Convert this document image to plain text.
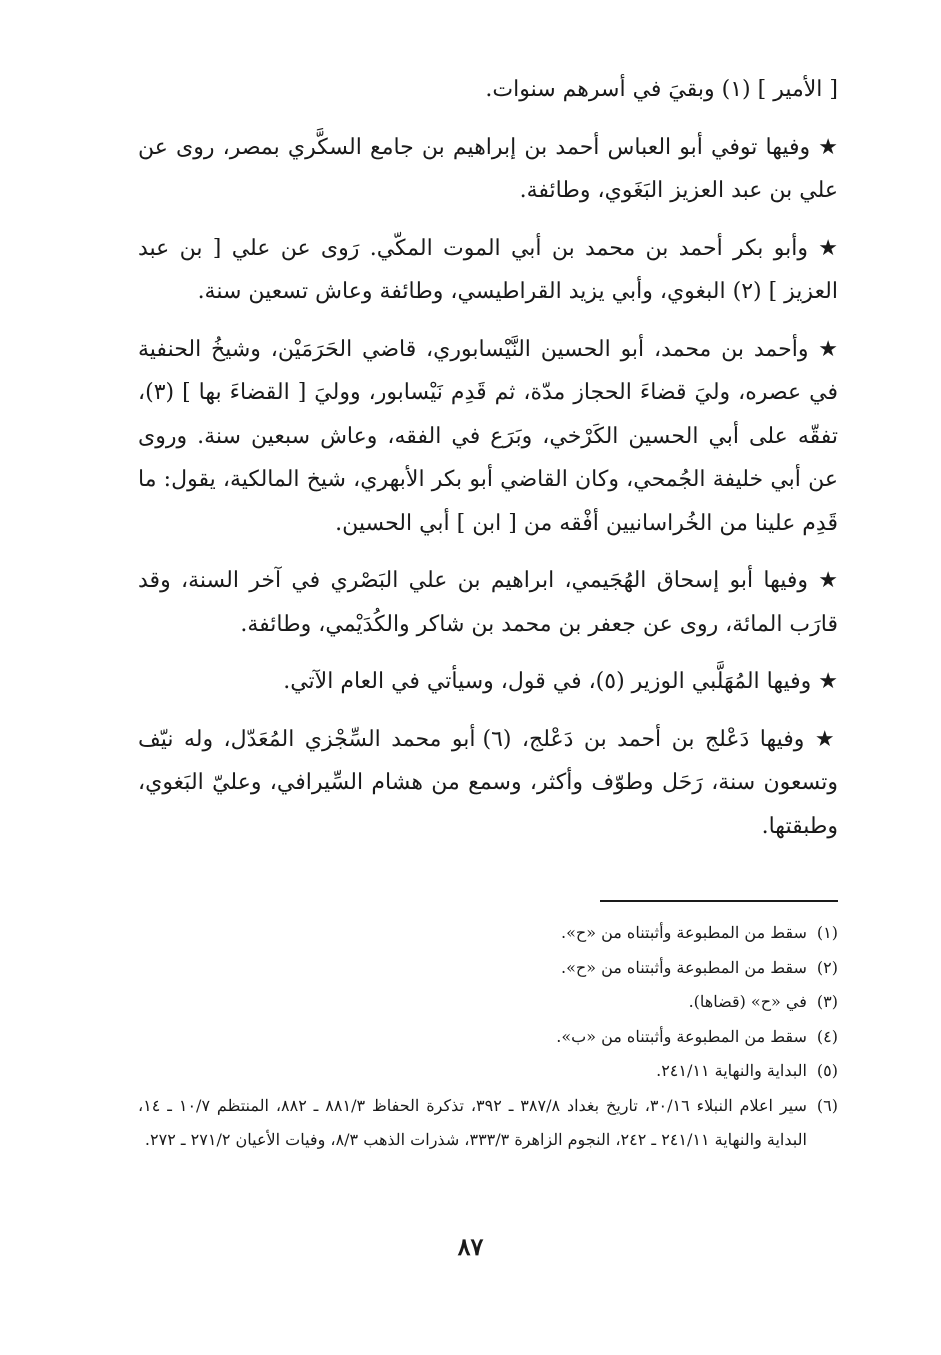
[ الأمير ] (١) وبقيَ في أسرهم سنوات.

★ وفيها توفي أبو العباس أحمد بن إبراهيم بن جامع السكَّري بمصر، روى عن علي بن عبد العزيز البَغَوي، وطائفة.

★ وأبو بكر أحمد بن محمد بن أبي الموت المكّي. رَوى عن علي [ بن عبد العزيز ] (٢) البغوي، وأبي يزيد القراطيسي، وطائفة وعاش تسعين سنة.

★ وأحمد بن محمد، أبو الحسين النَّيْسابوري، قاضي الحَرَمَيْن، وشيخُ الحنفية في عصره، وليَ قضاءَ الحجاز مدّة، ثم قَدِم نَيْسابور، ووليَ [ القضاءَ بها ] (٣)، تفقّه على أبي الحسين الكَرْخي، وبَرَع في الفقه، وعاش سبعين سنة. وروى عن أبي خليفة الجُمحي، وكان القاضي أبو بكر الأبهري، شيخ المالكية، يقول: ما قَدِم علينا من الخُراسانيين أفْقه من [ ابن ] أبي الحسين.

★ وفيها أبو إسحاق الهُجَيمي، ابراهيم بن علي البَصْري في آخر السنة، وقد قارَب المائة، روى عن جعفر بن محمد بن شاكر والكُدَيْمي، وطائفة.

★ وفيها المُهَلَّبي الوزير (٥)، في قول، وسيأتي في العام الآتي.

★ وفيها دَعْلج بن أحمد بن دَعْلج، (٦) أبو محمد السِّجْزي المُعَدّل، وله نيّف وتسعون سنة، رَحَل وطوّف وأكثر، وسمع من هشام السِّيرافي، وعليّ البَغوي، وطبقتها.

(١)
سقط من المطبوعة وأثبتناه من «ح».
(٢)
سقط من المطبوعة وأثبتناه من «ح».
(٣)
في «ح» (قضاها).
(٤)
سقط من المطبوعة وأثبتناه من «ب».
(٥)
البداية والنهاية ٢٤١/١١.
(٦)
سير اعلام النبلاء ٣٠/١٦، تاريخ بغداد ٣٨٧/٨ ـ ٣٩٢، تذكرة الحفاظ ٨٨١/٣ ـ ٨٨٢، المنتظم ١٠/٧ ـ ١٤، البداية والنهاية ٢٤١/١١ ـ ٢٤٢، النجوم الزاهرة ٣٣٣/٣، شذرات الذهب ٨/٣، وفيات الأعيان ٢٧١/٢ ـ ٢٧٢.
٨٧
